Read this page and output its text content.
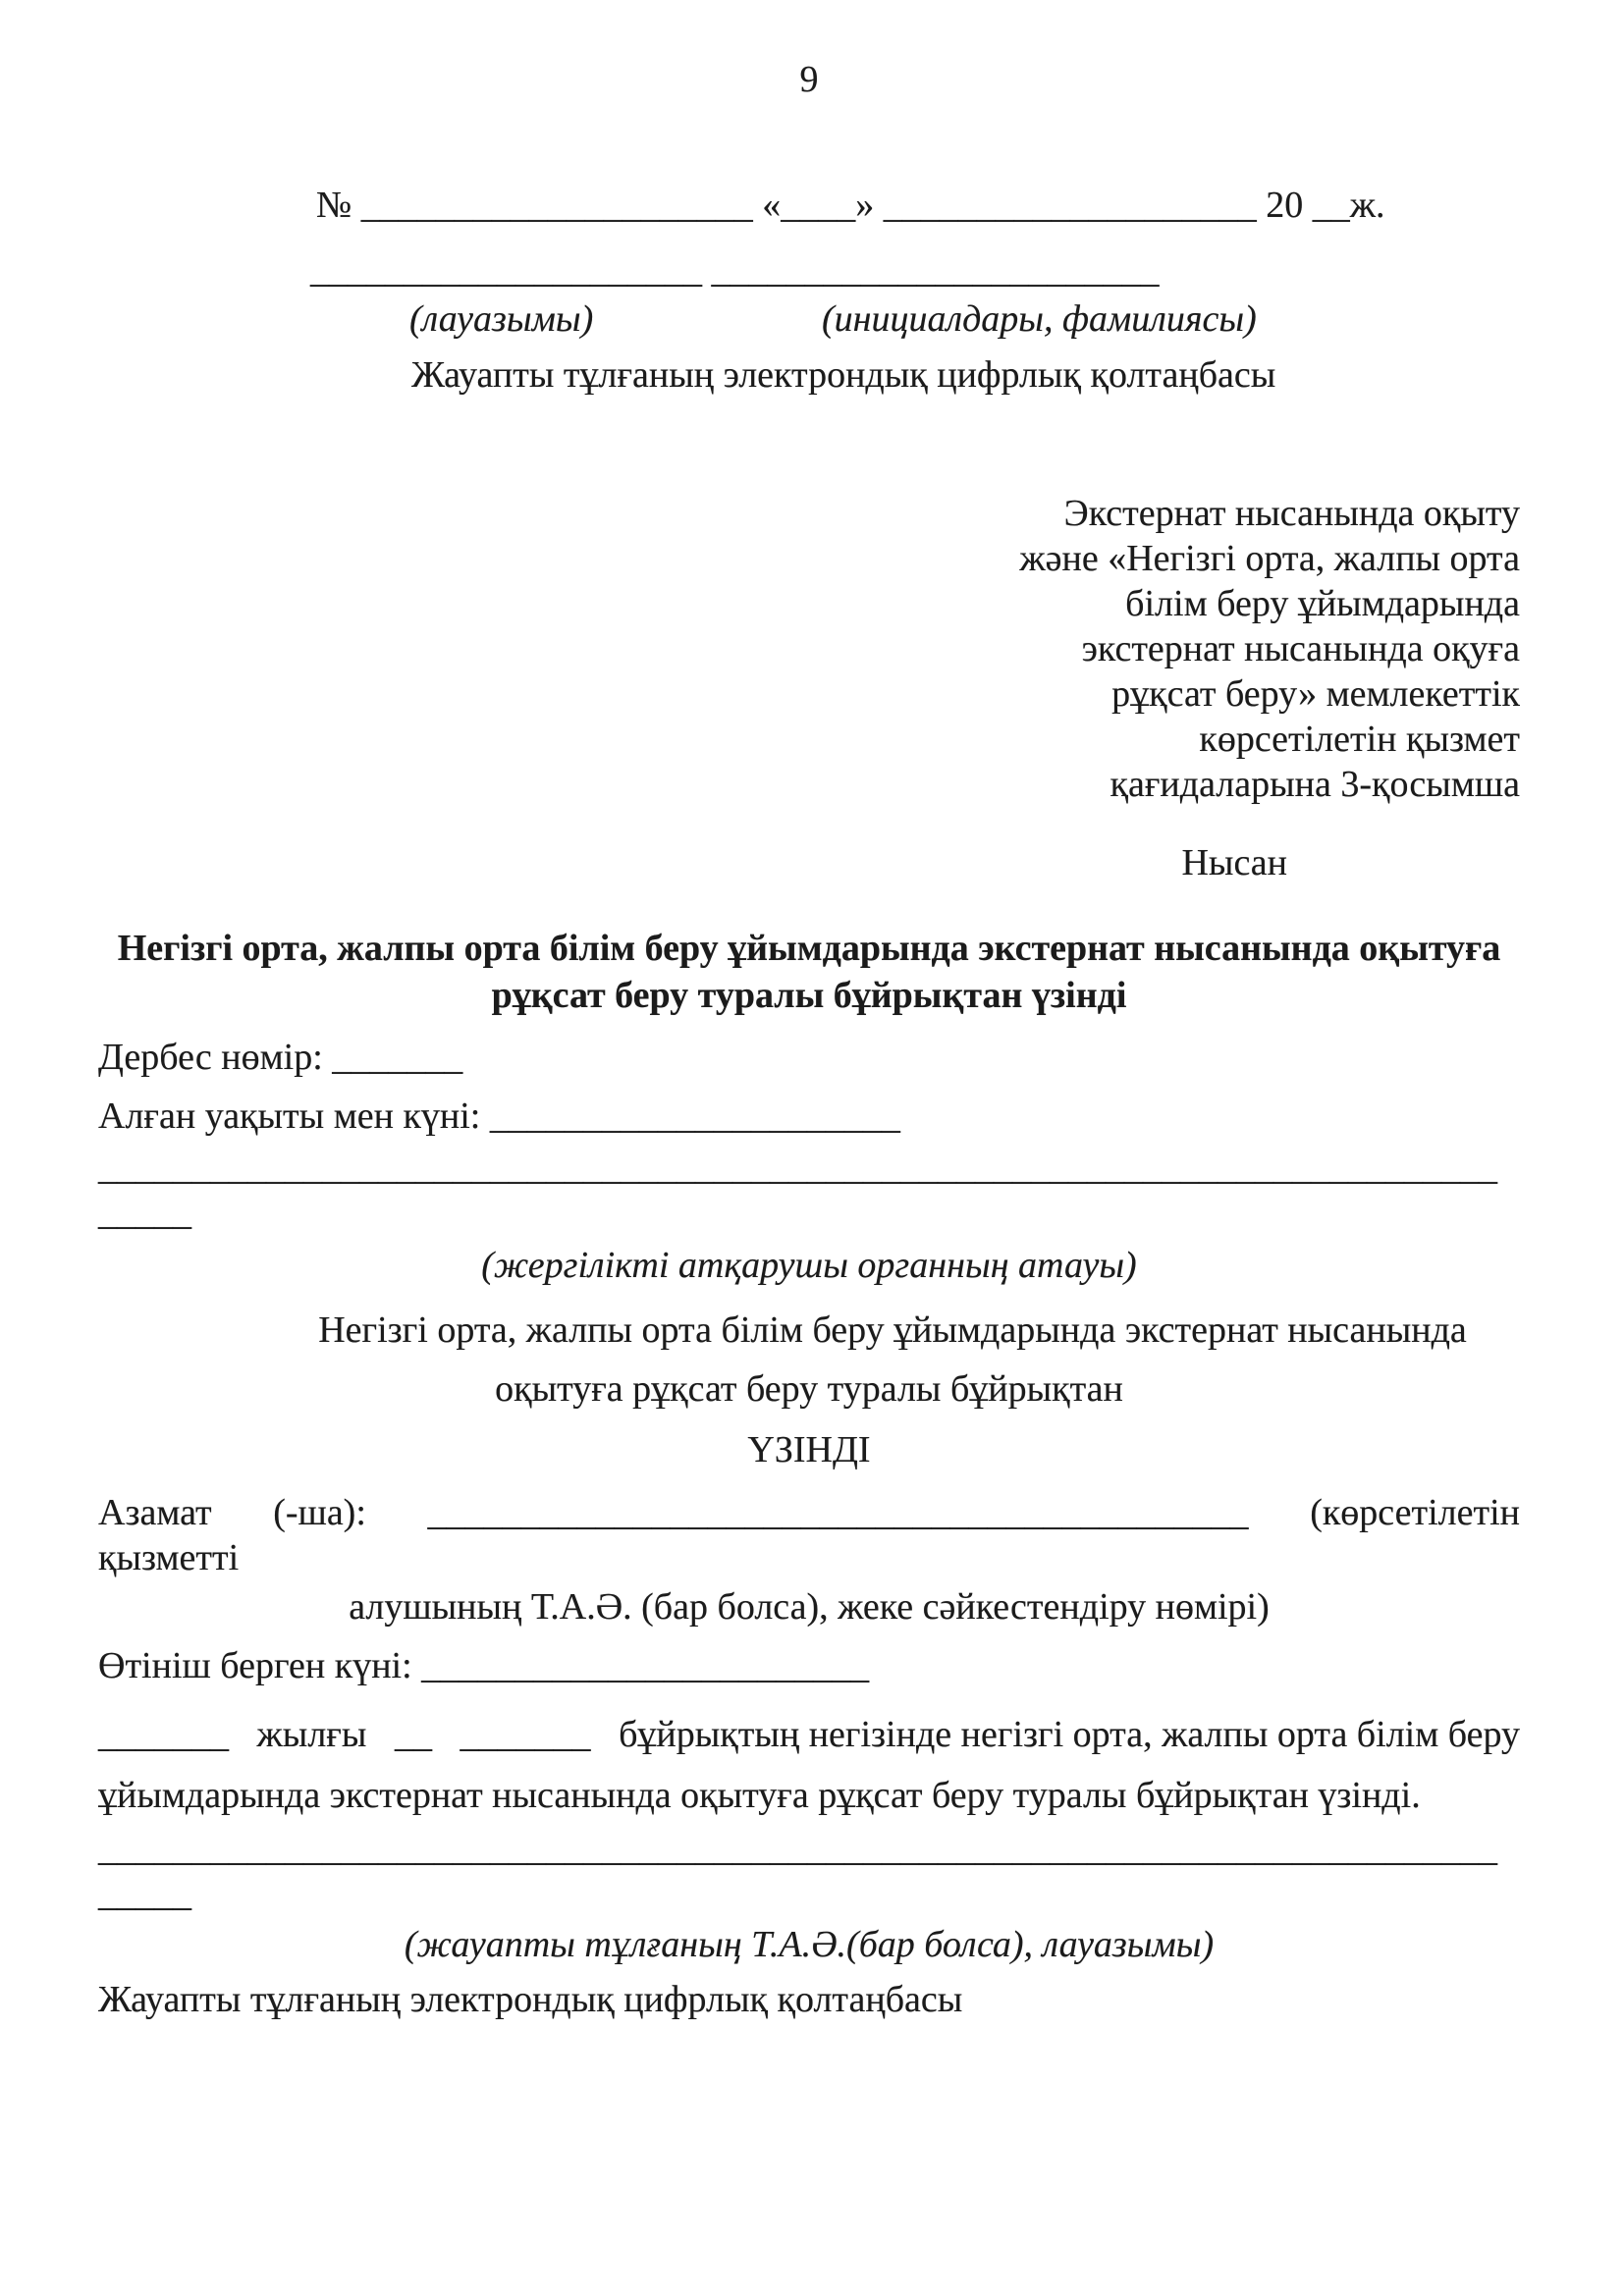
9
№ _____________________ «____» ____________________ 20 __ж.
_____________________ ________________________
(лауазымы)	(инициалдары, фамилиясы)
Жауапты тұлғаның электрондық цифрлық қолтаңбасы
Экстернат нысанында оқыту
және «Негізгі орта, жалпы орта
білім беру ұйымдарында
экстернат нысанында оқуға
рұқсат беру» мемлекеттік
көрсетілетін қызмет
қағидаларына 3-қосымша
Нысан
Негізгі орта, жалпы орта білім беру ұйымдарында экстернат нысанында оқытуға
рұқсат беру туралы бұйрықтан үзінді
Дербес нөмір: _______
Алған уақыты мен күні: ______________________
___________________________________________________________________________
_____
(жергілікті атқарушы органның атауы)
Негізгі орта, жалпы орта білім беру ұйымдарында экстернат нысанында
оқытуға рұқсат беру туралы бұйрықтан
ҮЗІНДІ
Азамат (-ша): ____________________________________________ (көрсетілетін
қызметті
алушының Т.А.Ә. (бар болса), жеке сәйкестендіру нөмірі)
Өтініш берген күні: ________________________
_______ жылғы __ _______ бұйрықтың негізінде негізгі орта, жалпы орта білім беру
ұйымдарында экстернат нысанында оқытуға рұқсат беру туралы бұйрықтан үзінді.
___________________________________________________________________________
_____
(жауапты тұлғаның Т.А.Ә.(бар болса), лауазымы)
Жауапты тұлғаның электрондық цифрлық қолтаңбасы
